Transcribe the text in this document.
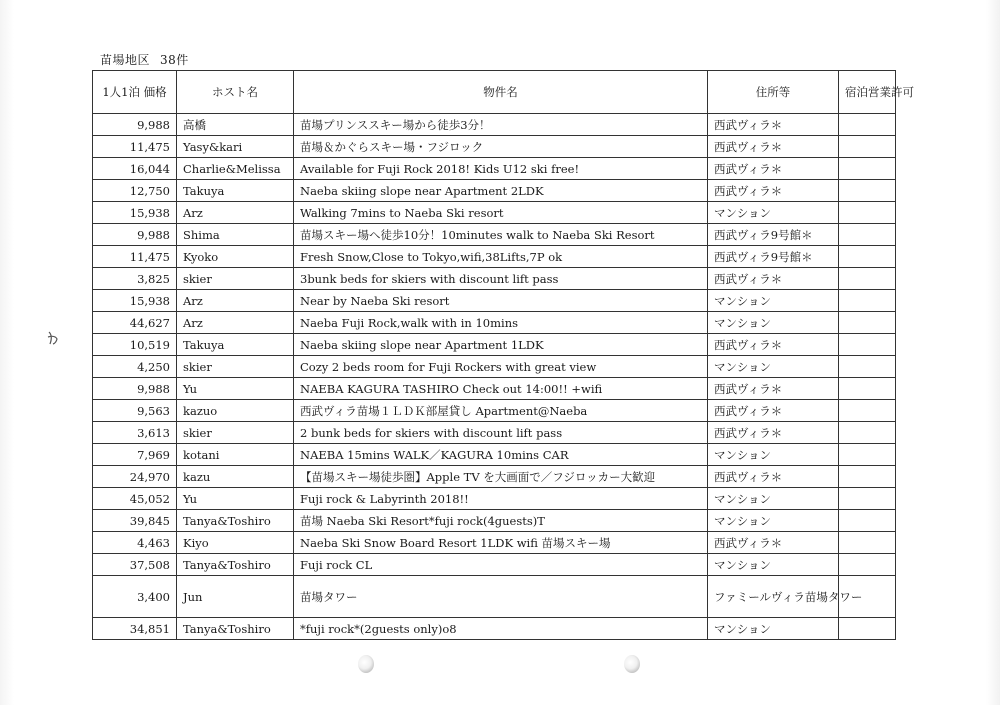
苗場地区 38件
1人1泊 価格	ホスト名	物件名	住所等	宿泊営業許可
9,988	高橋	苗場プリンススキー場から徒歩3分！	西武ヴィラ＊	
11,475	Yasy&kari	苗場＆かぐらスキー場・フジロック	西武ヴィラ＊	
16,044	Charlie&Melissa	Available for Fuji Rock 2018! Kids U12 ski free!	西武ヴィラ＊	
12,750	Takuya	Naeba skiing slope near Apartment 2LDK	西武ヴィラ＊	
15,938	Arz	Walking 7mins to Naeba Ski resort	マンション	
9,988	Shima	苗場スキー場へ徒歩10分！10minutes walk to Naeba Ski Resort	西武ヴィラ9号館＊	
11,475	Kyoko	Fresh Snow,Close to Tokyo,wifi,38Lifts,7P ok	西武ヴィラ9号館＊	
3,825	skier	3bunk beds for skiers with discount lift pass	西武ヴィラ＊	
15,938	Arz	Near by Naeba Ski resort	マンション	
44,627	Arz	Naeba Fuji Rock,walk with in 10mins	マンション	
10,519	Takuya	Naeba skiing slope near Apartment 1LDK	西武ヴィラ＊	
4,250	skier	Cozy 2 beds room for Fuji Rockers with great view	マンション	
9,988	Yu	NAEBA KAGURA TASHIRO Check out 14:00!! +wifi	西武ヴィラ＊	
9,563	kazuo	西武ヴィラ苗場１ＬＤＫ部屋貸し Apartment@Naeba	西武ヴィラ＊	
3,613	skier	2 bunk beds for skiers with discount lift pass	西武ヴィラ＊	
7,969	kotani	NAEBA 15mins WALK／KAGURA 10mins CAR	マンション	
24,970	kazu	【苗場スキー場徒歩圏】Apple TV を大画面で／フジロッカー大歓迎	西武ヴィラ＊	
45,052	Yu	Fuji rock & Labyrinth 2018!!	マンション	
39,845	Tanya&Toshiro	苗場 Naeba Ski Resort*fuji rock(4guests)T	マンション	
4,463	Kiyo	Naeba Ski Snow Board Resort 1LDK wifi 苗場スキー場	西武ヴィラ＊	
37,508	Tanya&Toshiro	Fuji rock CL	マンション	
3,400	Jun	苗場タワー	ファミールヴィラ苗場タワー	
34,851	Tanya&Toshiro	*fuji rock*(2guests only)o8	マンション	
